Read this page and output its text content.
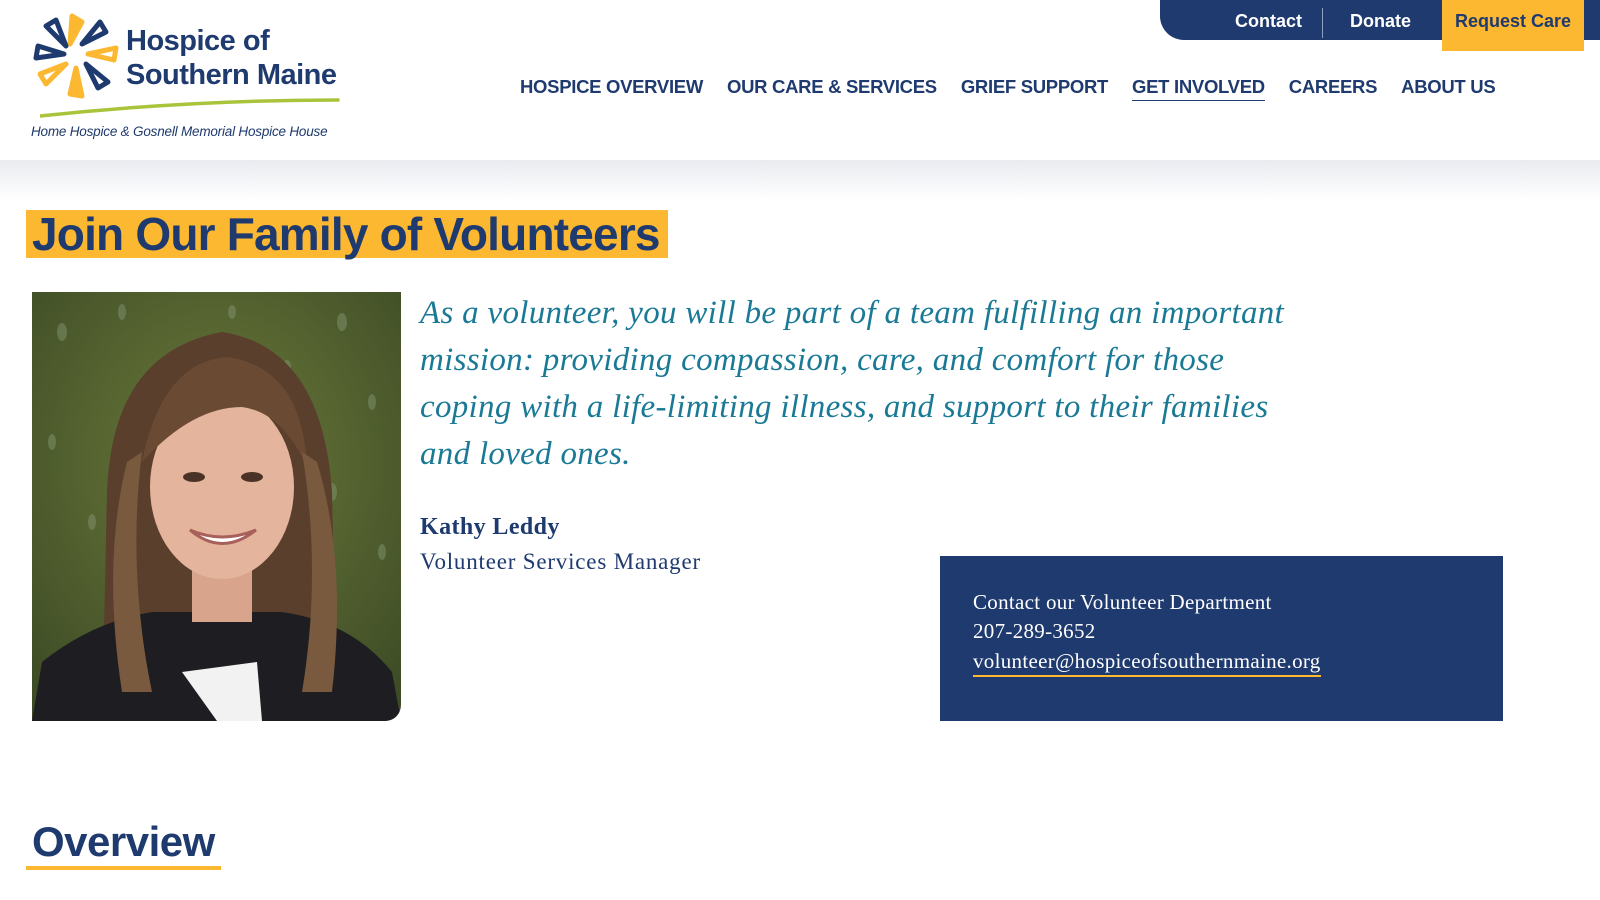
Hospice of
Southern Maine
Home Hospice & Gosnell Memorial Hospice House
Contact	Donate	Request Care
HOSPICE OVERVIEW OUR CARE & SERVICES GRIEF SUPPORT GET INVOLVED CAREERS ABOUT US
Join Our Family of Volunteers

As a volunteer, you will be part of a team fulfilling an important mission: providing compassion, care, and comfort for those coping with a life-limiting illness, and support to their families and loved ones.

Kathy Leddy
Volunteer Services Manager
Contact our Volunteer Department
207-289-3652
volunteer@hospiceofsouthernmaine.org
Overview
